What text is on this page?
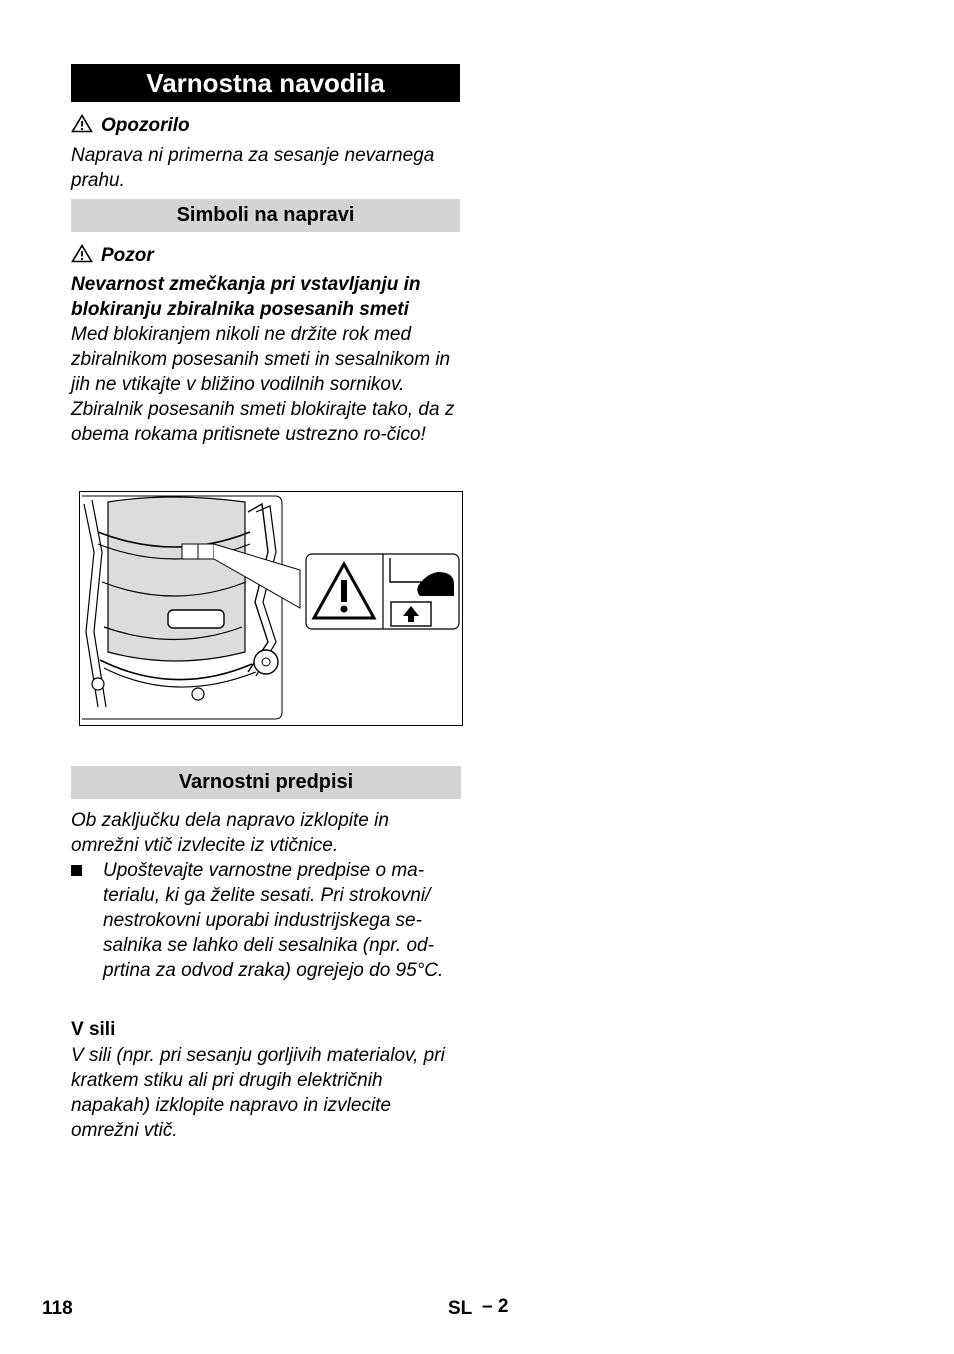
Varnostna navodila
Opozorilo
Naprava ni primerna za sesanje nevarnega prahu.
Simboli na napravi
Pozor
Nevarnost zmečkanja pri vstavljanju in blokiranju zbiralnika posesanih smeti
Med blokiranjem nikoli ne držite rok med zbiralnikom posesanih smeti in sesalnikom in jih ne vtikajte v bližino vodilnih sornikov. Zbiralnik posesanih smeti blokirajte tako, da z obema rokama pritisnete ustrezno ro-čico!
Varnostni predpisi
Ob zaključku dela napravo izklopite in omrežni vtič izvlecite iz vtičnice.
Upoštevajte varnostne predpise o ma-terialu, ki ga želite sesati. Pri strokovni/ nestrokovni uporabi industrijskega se-salnika se lahko deli sesalnika (npr. od-prtina za odvod zraka) ogrejejo do 95°C.
V sili
V sili (npr. pri sesanju gorljivih materialov, pri kratkem stiku ali pri drugih električnih napakah) izklopite napravo in izvlecite omrežni vtič.
118	SL – 2
